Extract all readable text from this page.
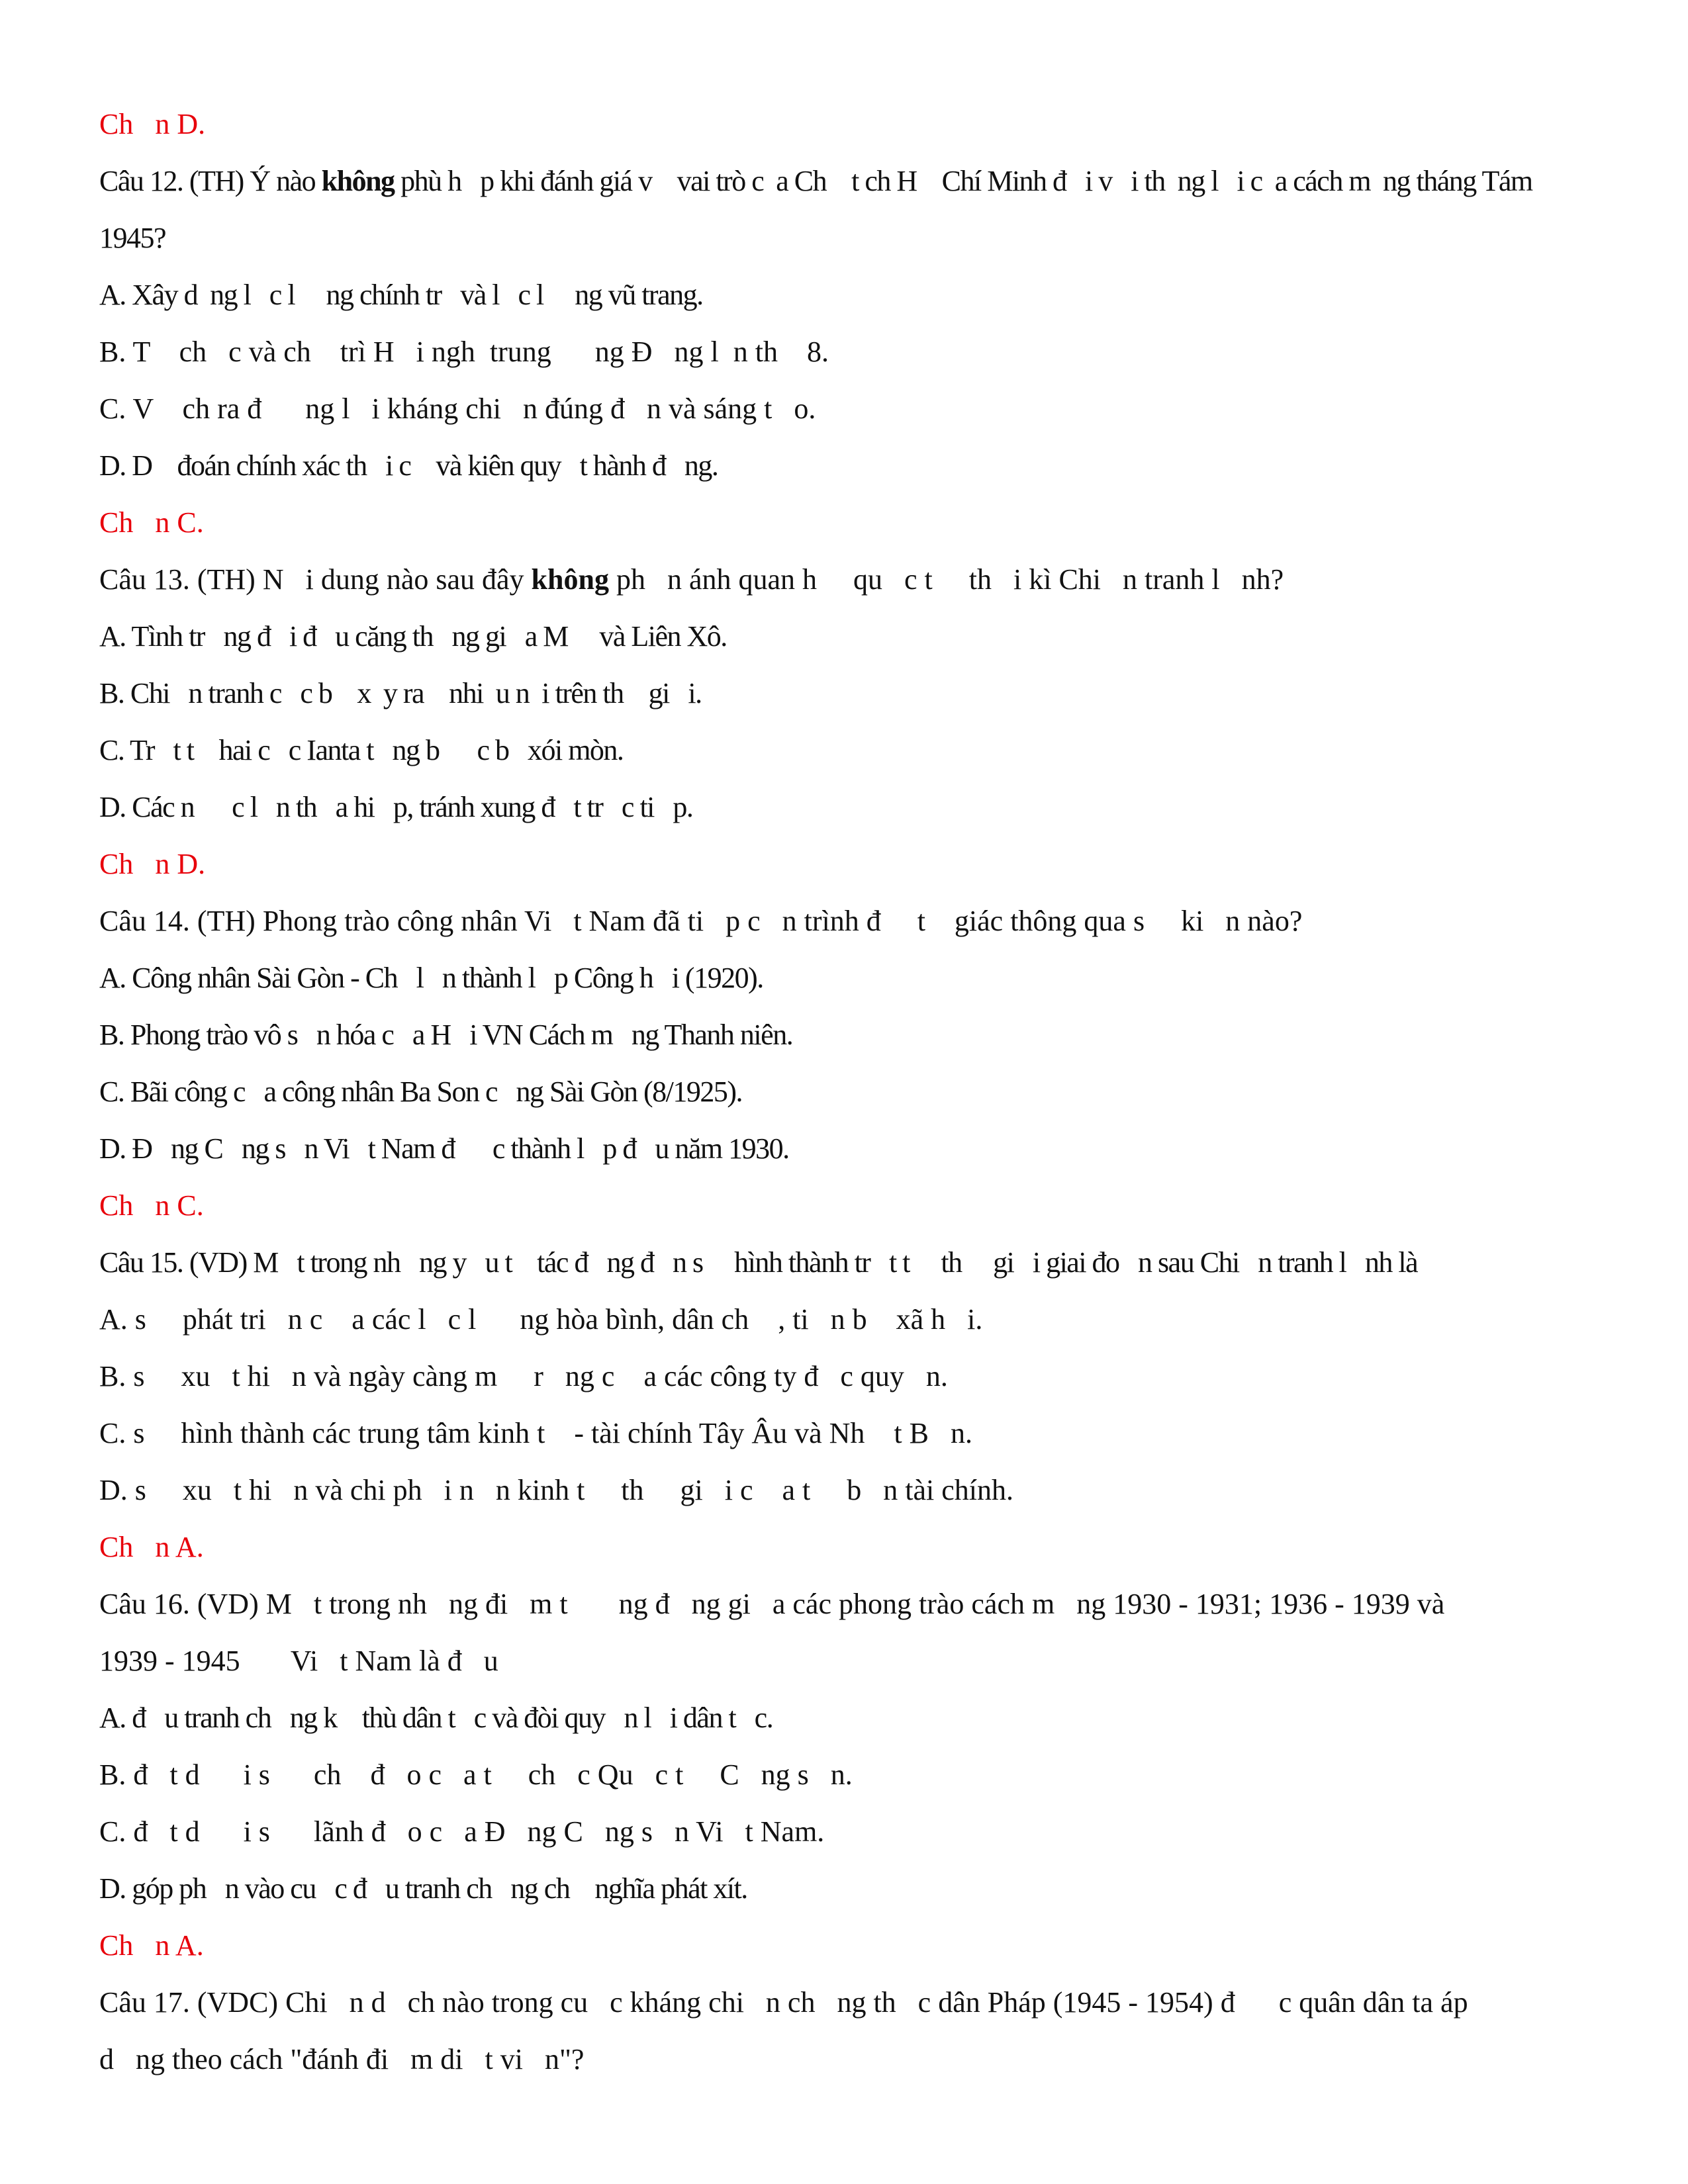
Ch   n D.
Câu 12. (TH) Ý nào không phù h   p khi đánh giá v    vai trò c  a Ch    t ch H    Chí Minh đ   i v   i th  ng l   i c  a cách m  ng tháng Tám
1945?
A. Xây d  ng l   c l     ng chính tr   và l   c l     ng vũ trang.
B. T    ch   c và ch    trì H   i ngh  trung      ng Đ   ng l  n th    8.
C. V    ch ra đ      ng l   i kháng chi   n đúng đ   n và sáng t   o.
D. D    đoán chính xác th   i c    và kiên quy   t hành đ   ng.
Ch   n C.
Câu 13. (TH) N   i dung nào sau đây không ph   n ánh quan h     qu   c t     th   i kì Chi   n tranh l   nh?
A. Tình tr   ng đ   i đ   u căng th   ng gi   a M     và Liên Xô.
B. Chi   n tranh c   c b    x  y ra    nhi  u n  i trên th    gi   i.
C. Tr   t t    hai c   c Ianta t   ng b      c b   xói mòn.
D. Các n      c l   n th   a hi   p, tránh xung đ   t tr   c ti   p.
Ch   n D.
Câu 14. (TH) Phong trào công nhân Vi   t Nam đã ti   p c   n trình đ     t    giác thông qua s     ki   n nào?
A. Công nhân Sài Gòn - Ch   l   n thành l   p Công h   i (1920).
B. Phong trào vô s   n hóa c   a H   i VN Cách m   ng Thanh niên.
C. Bãi công c   a công nhân Ba Son c   ng Sài Gòn (8/1925).
D. Đ   ng C   ng s   n Vi   t Nam đ      c thành l   p đ   u năm 1930.
Ch   n C.
Câu 15. (VD) M   t trong nh   ng y   u t    tác đ   ng đ   n s     hình thành tr   t t     th     gi   i giai đo   n sau Chi   n tranh l   nh là
A. s     phát tri   n c    a các l   c l      ng hòa bình, dân ch    , ti   n b    xã h   i.
B. s     xu   t hi   n và ngày càng m     r   ng c    a các công ty đ   c quy   n.
C. s     hình thành các trung tâm kinh t    - tài chính Tây Âu và Nh    t B   n.
D. s     xu   t hi   n và chi ph   i n   n kinh t     th     gi   i c    a t     b   n tài chính.
Ch   n A.
Câu 16. (VD) M   t trong nh   ng đi   m t       ng đ   ng gi   a các phong trào cách m   ng 1930 - 1931; 1936 - 1939 và
1939 - 1945       Vi   t Nam là đ   u
A. đ   u tranh ch   ng k    thù dân t   c và đòi quy   n l   i dân t   c.
B. đ   t d      i s      ch    đ   o c   a t     ch   c Qu   c t     C   ng s   n.
C. đ   t d      i s      lãnh đ   o c   a Đ   ng C   ng s   n Vi   t Nam.
D. góp ph   n vào cu   c đ   u tranh ch   ng ch    nghĩa phát xít.
Ch   n A.
Câu 17. (VDC) Chi   n d   ch nào trong cu   c kháng chi   n ch   ng th   c dân Pháp (1945 - 1954) đ      c quân dân ta áp
d   ng theo cách "đánh đi   m di   t vi   n"?
